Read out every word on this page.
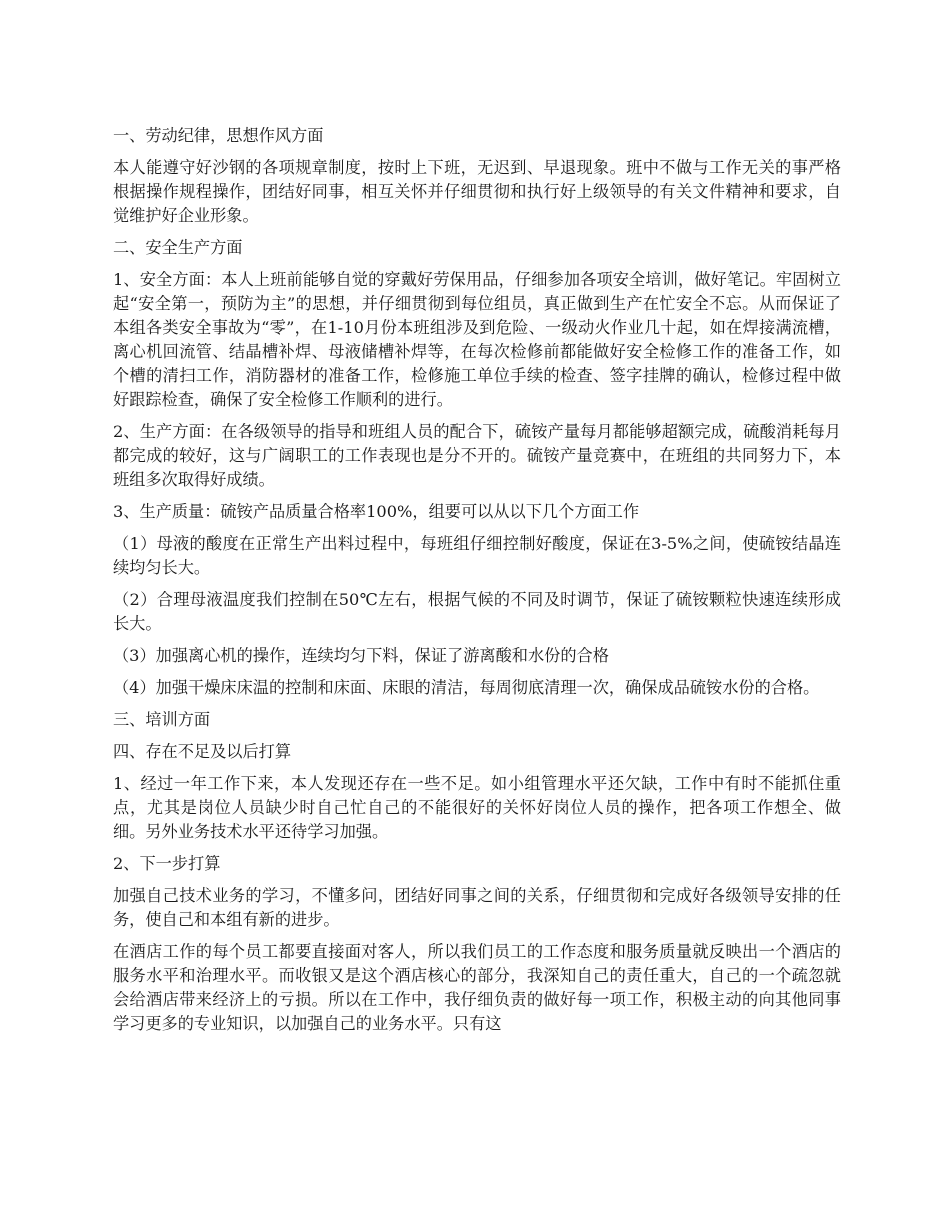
一、劳动纪律，思想作风方面

本人能遵守好沙钢的各项规章制度，按时上下班，无迟到、早退现象。班中不做与工作无关的事严格根据操作规程操作，团结好同事，相互关怀并仔细贯彻和执行好上级领导的有关文件精神和要求，自觉维护好企业形象。

二、安全生产方面

1、安全方面：本人上班前能够自觉的穿戴好劳保用品，仔细参加各项安全培训，做好笔记。牢固树立起“安全第一，预防为主”的思想，并仔细贯彻到每位组员，真正做到生产在忙安全不忘。从而保证了本组各类安全事故为“零”，在1-10月份本班组涉及到危险、一级动火作业几十起，如在焊接满流槽，离心机回流管、结晶槽补焊、母液储槽补焊等，在每次检修前都能做好安全检修工作的准备工作，如个槽的清扫工作，消防器材的准备工作，检修施工单位手续的检查、签字挂牌的确认，检修过程中做好跟踪检查，确保了安全检修工作顺利的进行。

2、生产方面：在各级领导的指导和班组人员的配合下，硫铵产量每月都能够超额完成，硫酸消耗每月都完成的较好，这与广阔职工的工作表现也是分不开的。硫铵产量竞赛中，在班组的共同努力下，本班组多次取得好成绩。

3、生产质量：硫铵产品质量合格率100%，组要可以从以下几个方面工作

（1）母液的酸度在正常生产出料过程中，每班组仔细控制好酸度，保证在3-5%之间，使硫铵结晶连续均匀长大。

（2）合理母液温度我们控制在50℃左右，根据气候的不同及时调节，保证了硫铵颗粒快速连续形成长大。

（3）加强离心机的操作，连续均匀下料，保证了游离酸和水份的合格

（4）加强干燥床床温的控制和床面、床眼的清洁，每周彻底清理一次，确保成品硫铵水份的合格。

三、培训方面

四、存在不足及以后打算

1、经过一年工作下来，本人发现还存在一些不足。如小组管理水平还欠缺，工作中有时不能抓住重点，尤其是岗位人员缺少时自己忙自己的不能很好的关怀好岗位人员的操作，把各项工作想全、做细。另外业务技术水平还待学习加强。

2、下一步打算

加强自己技术业务的学习，不懂多问，团结好同事之间的关系，仔细贯彻和完成好各级领导安排的任务，使自己和本组有新的进步。

在酒店工作的每个员工都要直接面对客人，所以我们员工的工作态度和服务质量就反映出一个酒店的服务水平和治理水平。而收银又是这个酒店核心的部分，我深知自己的责任重大，自己的一个疏忽就会给酒店带来经济上的亏损。所以在工作中，我仔细负责的做好每一项工作，积极主动的向其他同事学习更多的专业知识，以加强自己的业务水平。只有这
